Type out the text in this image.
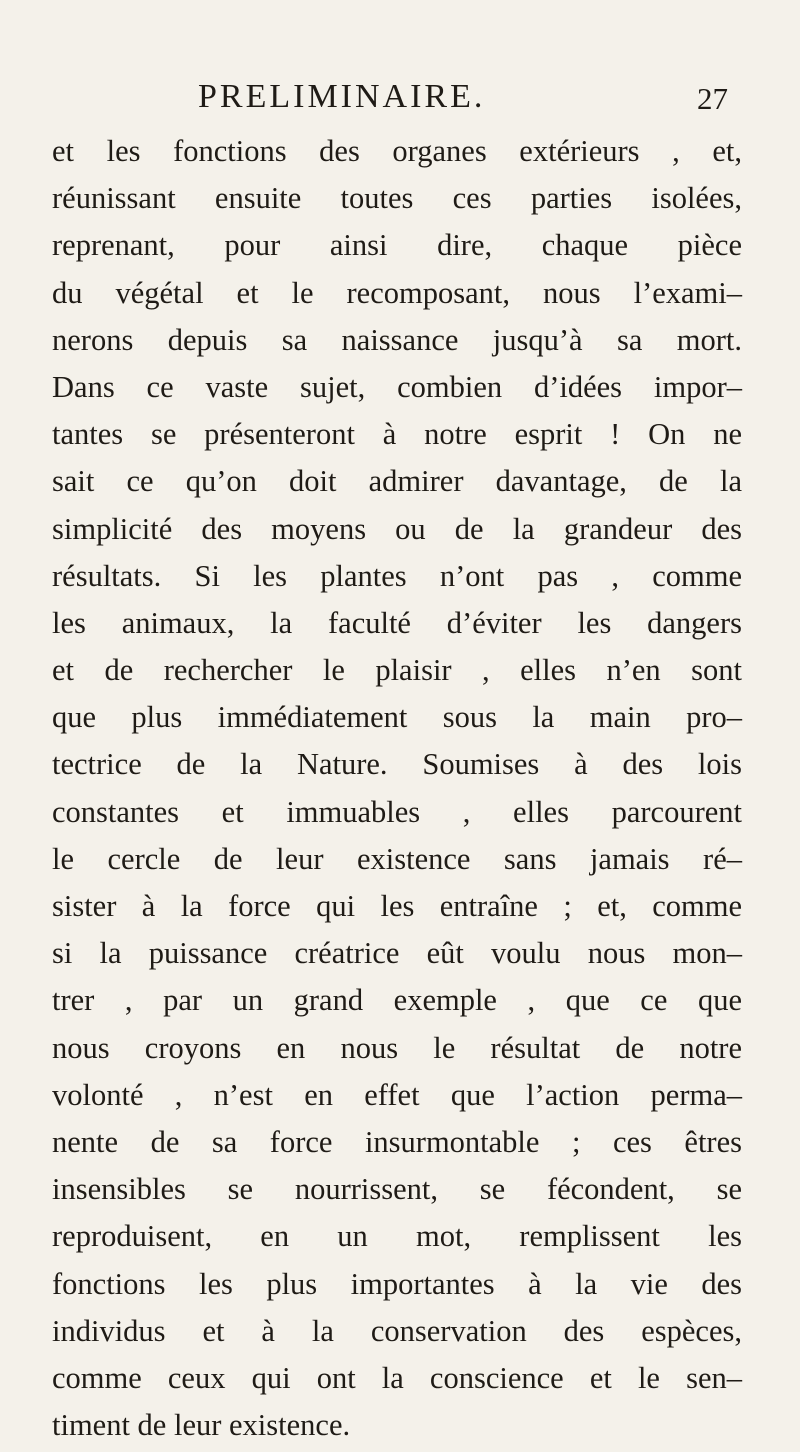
PRELIMINAIRE.	27
et les fonctions des organes extérieurs , et,
réunissant ensuite toutes ces parties isolées,
reprenant, pour ainsi dire, chaque pièce
du végétal et le recomposant, nous l’exami–
nerons depuis sa naissance jusqu’à sa mort.
Dans ce vaste sujet, combien d’idées impor–
tantes se présenteront à notre esprit ! On ne
sait ce qu’on doit admirer davantage, de la
simplicité des moyens ou de la grandeur des
résultats. Si les plantes n’ont pas , comme
les animaux, la faculté d’éviter les dangers
et de rechercher le plaisir , elles n’en sont
que plus immédiatement sous la main pro–
tectrice de la Nature. Soumises à des lois
constantes et immuables , elles parcourent
le cercle de leur existence sans jamais ré–
sister à la force qui les entraîne ; et, comme
si la puissance créatrice eût voulu nous mon–
trer , par un grand exemple , que ce que
nous croyons en nous le résultat de notre
volonté , n’est en effet que l’action perma–
nente de sa force insurmontable ; ces êtres
insensibles se nourrissent, se fécondent, se
reproduisent, en un mot, remplissent les
fonctions les plus importantes à la vie des
individus et à la conservation des espèces,
comme ceux qui ont la conscience et le sen–
timent de leur existence.
